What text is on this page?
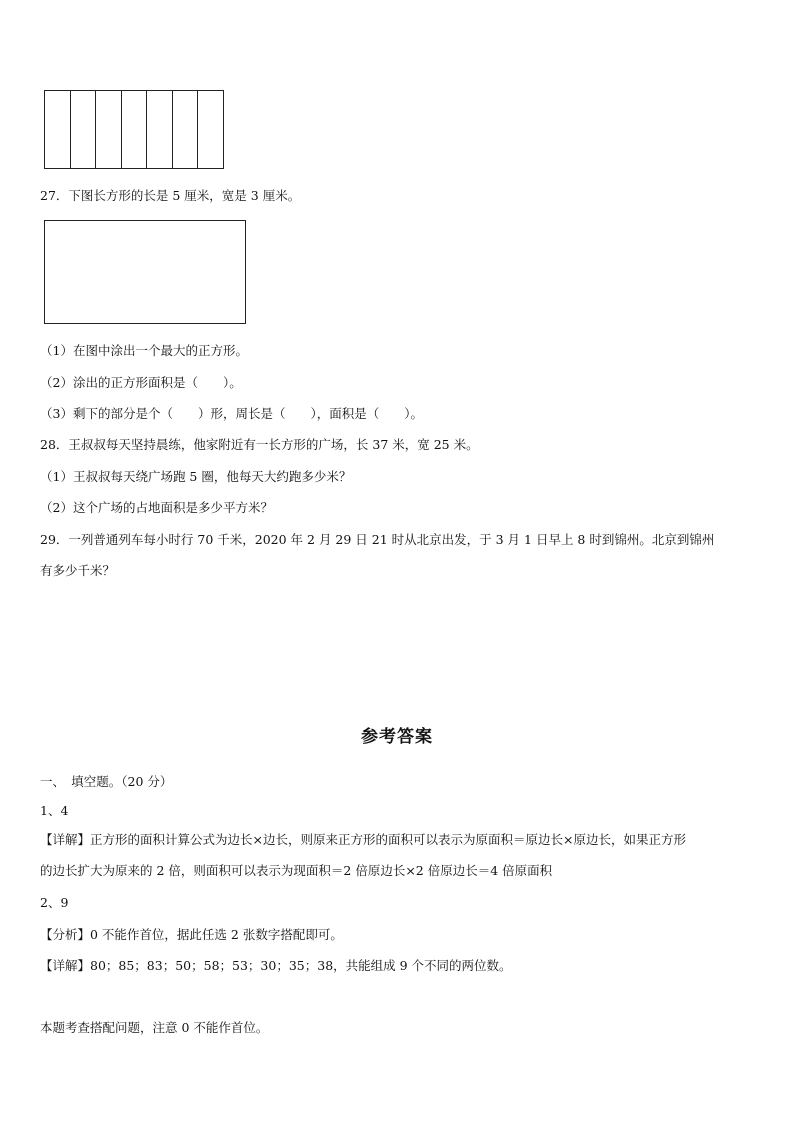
27．下图长方形的长是 5 厘米，宽是 3 厘米。
（1）在图中涂出一个最大的正方形。
（2）涂出的正方形面积是（　　）。
（3）剩下的部分是个（　　）形，周长是（　　），面积是（　　）。
28．王叔叔每天坚持晨练，他家附近有一长方形的广场，长 37 米，宽 25 米。
（1）王叔叔每天绕广场跑 5 圈，他每天大约跑多少米？
（2）这个广场的占地面积是多少平方米？
29．一列普通列车每小时行 70 千米，2020 年 2 月 29 日 21 时从北京出发，于 3 月 1 日早上 8 时到锦州。北京到锦州
有多少千米？
参考答案
一、　填空题。（20 分）
1、4
【详解】正方形的面积计算公式为边长×边长，则原来正方形的面积可以表示为原面积＝原边长×原边长，如果正方形
的边长扩大为原来的 2 倍，则面积可以表示为现面积＝2 倍原边长×2 倍原边长＝4 倍原面积
2、9
【分析】0 不能作首位，据此任选 2 张数字搭配即可。
【详解】80；85；83；50；58；53；30；35；38，共能组成 9 个不同的两位数。
本题考查搭配问题，注意 0 不能作首位。
